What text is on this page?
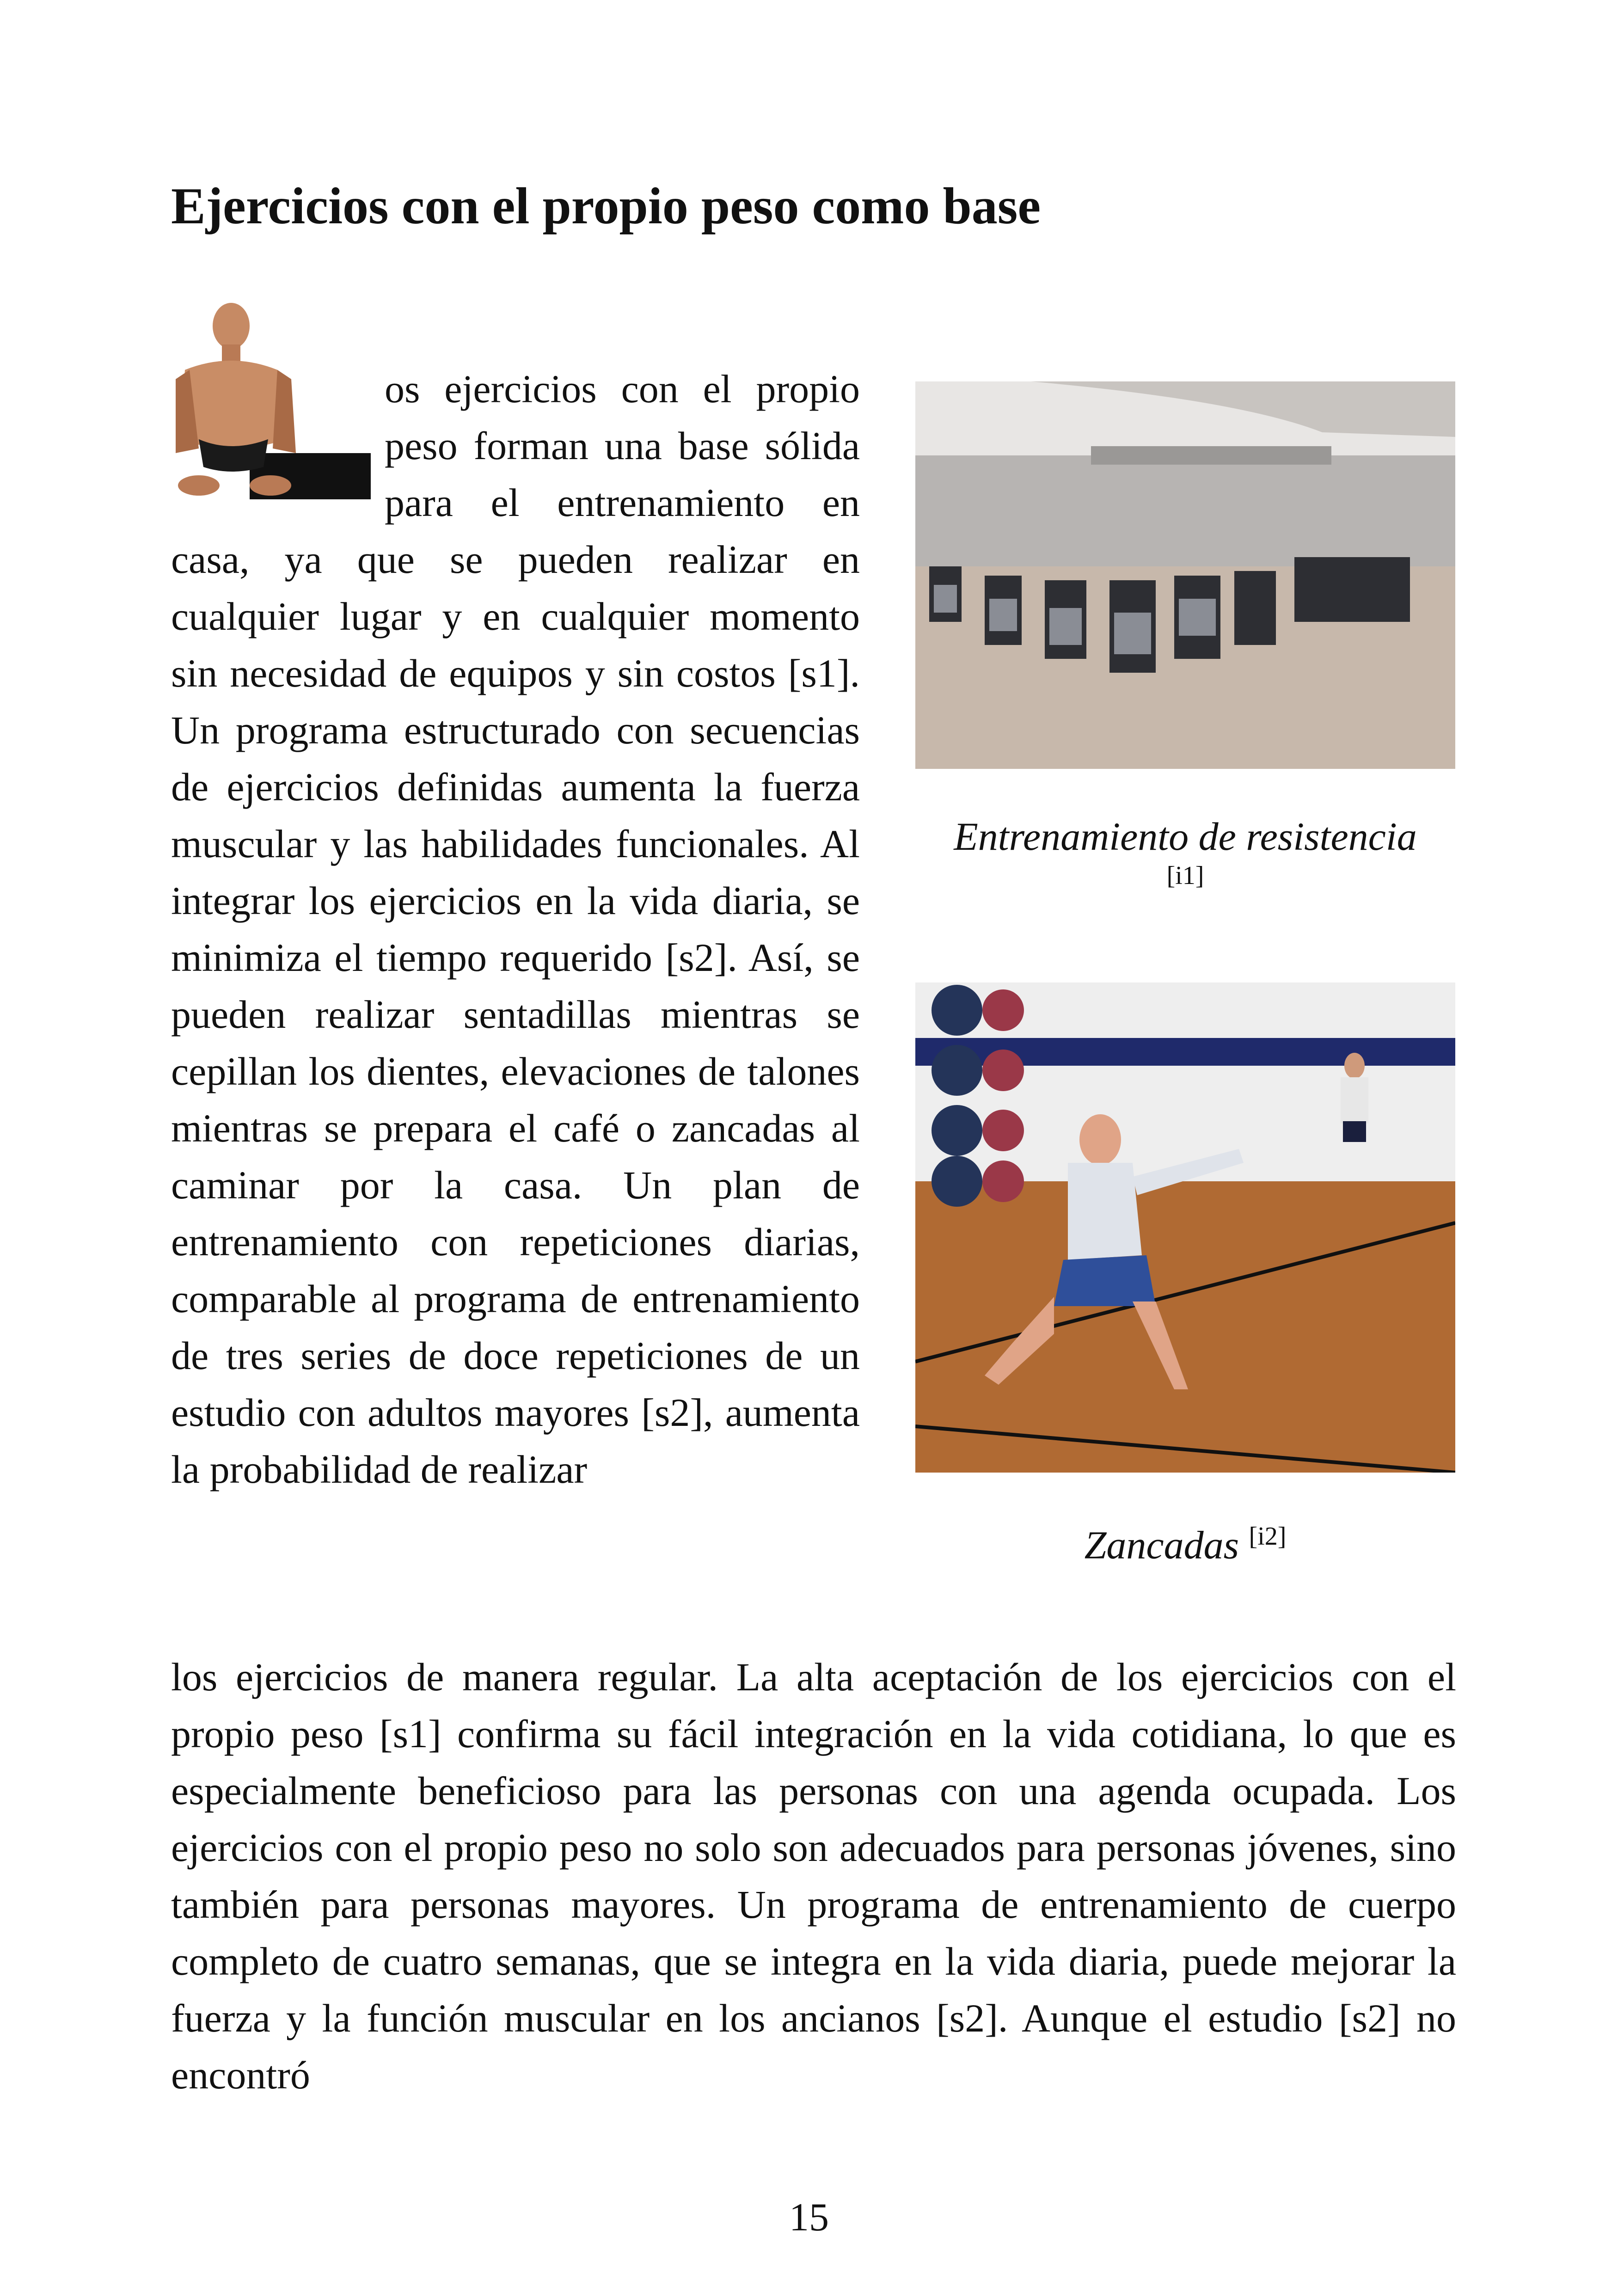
Ejercicios con el propio peso como base
os ejercicios con el propio peso forman una base sólida para el entrenamiento en casa, ya que se pueden realizar en cualquier lugar y en cualquier momento sin necesidad de equipos y sin costos [s1]. Un programa estructurado con secuencias de ejercicios definidas aumenta la fuerza muscular y las habilidades funcionales. Al integrar los ejercicios en la vida diaria, se minimiza el tiempo requerido [s2]. Así, se pueden realizar sentadillas mientras se cepillan los dientes, elevaciones de talones mientras se prepara el café o zancadas al caminar por la casa. Un plan de entrenamiento con repeticiones diarias, comparable al programa de entrenamiento de tres series de doce repeticiones de un estudio con adultos mayores [s2], aumenta la probabilidad de realizar
Entrenamiento de resistencia
[i1]
Zancadas [i2]
los ejercicios de manera regular. La alta aceptación de los ejercicios con el propio peso [s1] confirma su fácil integración en la vida cotidiana, lo que es especialmente beneficioso para las personas con una agenda ocupada. Los ejercicios con el propio peso no solo son adecuados para personas jóvenes, sino también para personas mayores. Un programa de entrenamiento de cuerpo completo de cuatro semanas, que se integra en la vida diaria, puede mejorar la fuerza y la función muscular en los ancianos [s2]. Aunque el estudio [s2] no encontró
15
